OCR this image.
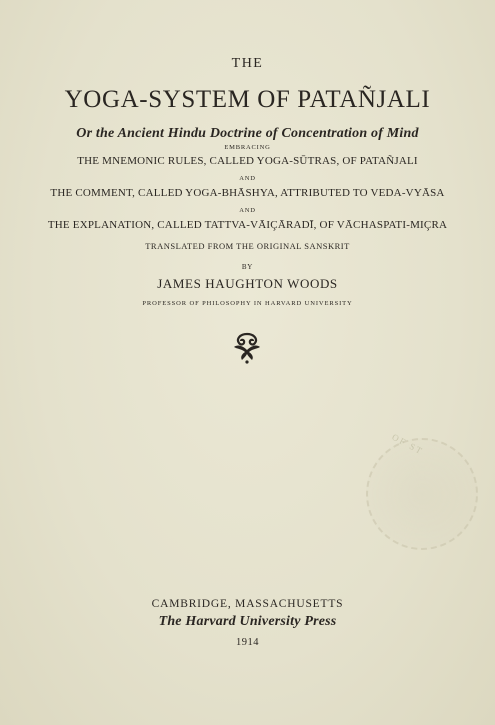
THE
YOGA-SYSTEM OF PATAÑJALI
Or the Ancient Hindu Doctrine of Concentration of Mind
EMBRACING
THE MNEMONIC RULES, CALLED YOGA-SŪTRAS, OF PATAÑJALI
AND
THE COMMENT, CALLED YOGA-BHĀSHYA, ATTRIBUTED TO VEDA-VYĀSA
AND
THE EXPLANATION, CALLED TATTVA-VĀIÇĀRADĪ, OF VĀCHASPATI-MIÇRA
TRANSLATED FROM THE ORIGINAL SANSKRIT
BY
JAMES HAUGHTON WOODS
PROFESSOR OF PHILOSOPHY IN HARVARD UNIVERSITY
OF ST
CAMBRIDGE, MASSACHUSETTS
The Harvard University Press
1914
